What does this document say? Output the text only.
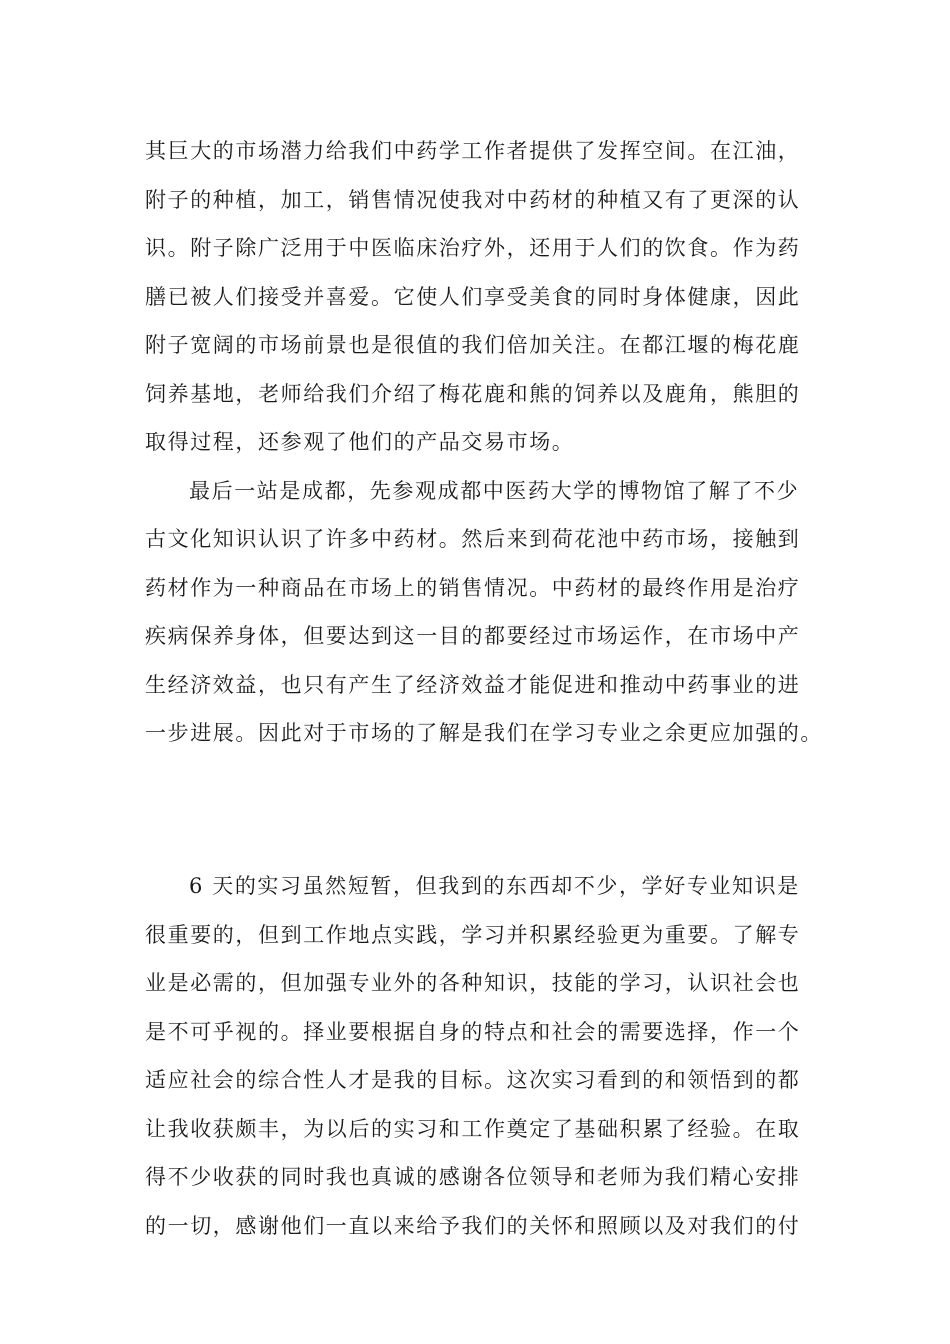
其巨大的市场潜力给我们中药学工作者提供了发挥空间。在江油，
附子的种植，加工，销售情况使我对中药材的种植又有了更深的认
识。附子除广泛用于中医临床治疗外，还用于人们的饮食。作为药
膳已被人们接受并喜爱。它使人们享受美食的同时身体健康，因此
附子宽阔的市场前景也是很值的我们倍加关注。在都江堰的梅花鹿
饲养基地，老师给我们介绍了梅花鹿和熊的饲养以及鹿角，熊胆的
取得过程，还参观了他们的产品交易市场。
最后一站是成都，先参观成都中医药大学的博物馆了解了不少
古文化知识认识了许多中药材。然后来到荷花池中药市场，接触到
药材作为一种商品在市场上的销售情况。中药材的最终作用是治疗
疾病保养身体，但要达到这一目的都要经过市场运作，在市场中产
生经济效益，也只有产生了经济效益才能促进和推动中药事业的进
一步进展。因此对于市场的了解是我们在学习专业之余更应加强的。
6 天的实习虽然短暂，但我到的东西却不少，学好专业知识是
很重要的，但到工作地点实践，学习并积累经验更为重要。了解专
业是必需的，但加强专业外的各种知识，技能的学习，认识社会也
是不可乎视的。择业要根据自身的特点和社会的需要选择，作一个
适应社会的综合性人才是我的目标。这次实习看到的和领悟到的都
让我收获颇丰，为以后的实习和工作奠定了基础积累了经验。在取
得不少收获的同时我也真诚的感谢各位领导和老师为我们精心安排
的一切，感谢他们一直以来给予我们的关怀和照顾以及对我们的付
